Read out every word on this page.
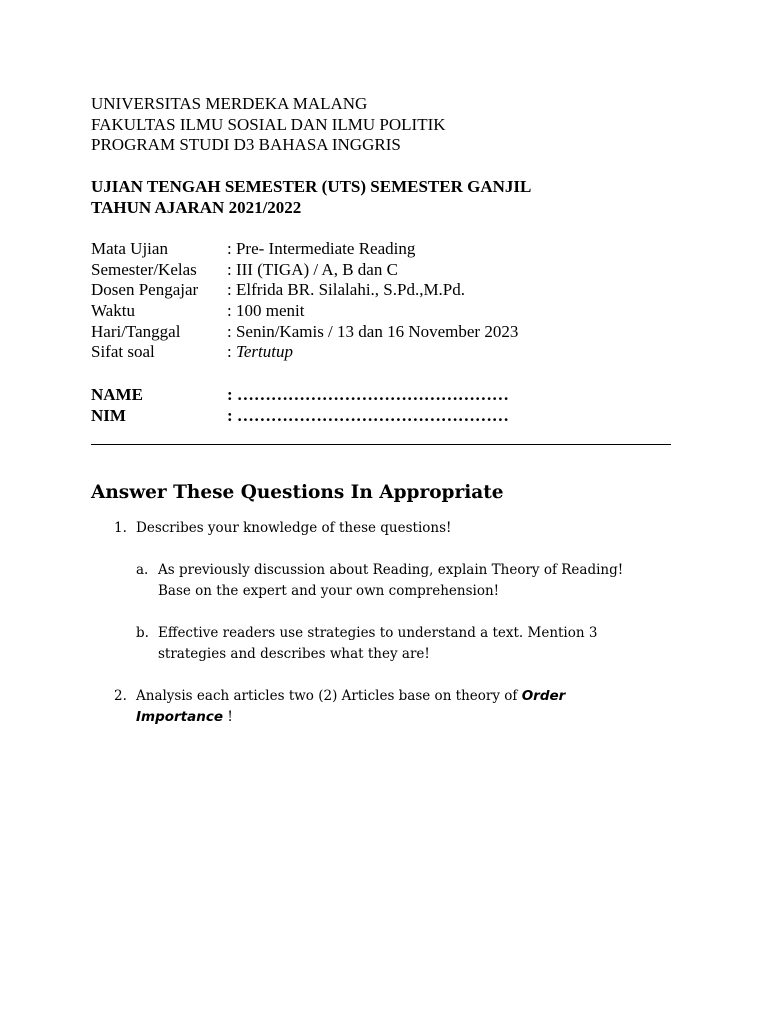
UNIVERSITAS MERDEKA MALANG
FAKULTAS ILMU SOSIAL DAN ILMU POLITIK
PROGRAM STUDI D3 BAHASA INGGRIS
UJIAN TENGAH SEMESTER (UTS) SEMESTER GANJIL
TAHUN AJARAN 2021/2022
Mata Ujian	: Pre- Intermediate Reading
Semester/Kelas : III (TIGA) / A, B dan C
Dosen Pengajar : Elfrida BR. Silalahi., S.Pd.,M.Pd.
Waktu	: 100 menit
Hari/Tanggal	: Senin/Kamis / 13 dan 16 November 2023
Sifat soal	: Tertutup
NAME	: …………………………………………
NIM	: …………………………………………
Answer These Questions In Appropriate
1. Describes your knowledge of these questions!
a. As previously discussion about Reading, explain Theory of Reading!
Base on the expert and your own comprehension!
b. Effective readers use strategies to understand a text. Mention 3
strategies and describes what they are!
2. Analysis each articles two (2) Articles base on theory of Order
Importance !
